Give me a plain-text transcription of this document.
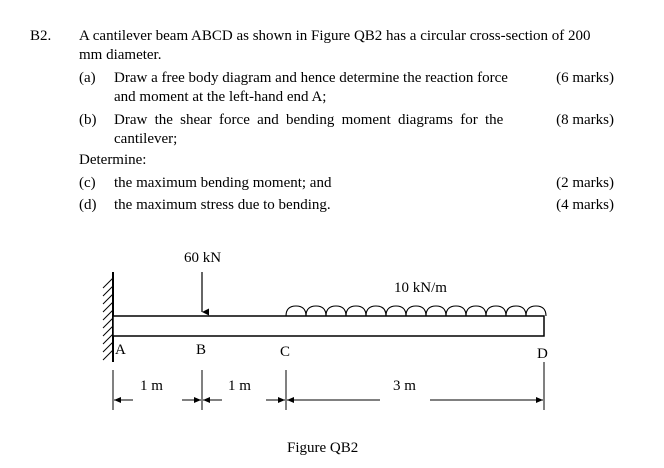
B2. A cantilever beam ABCD as shown in Figure QB2 has a circular cross-section of 200
mm diameter.
(a) Draw a free body diagram and hence determine the reaction force
and moment at the left-hand end A;
(6 marks)
(b) Draw the shear force and bending moment diagrams for the
cantilever;
(8 marks)
Determine:
(c) the maximum bending moment; and	(2 marks)
(d) the maximum stress due to bending.	(4 marks)
60 kN
10 kN/m
A	B	C	D
1 m	1 m	3 m
Figure QB2
